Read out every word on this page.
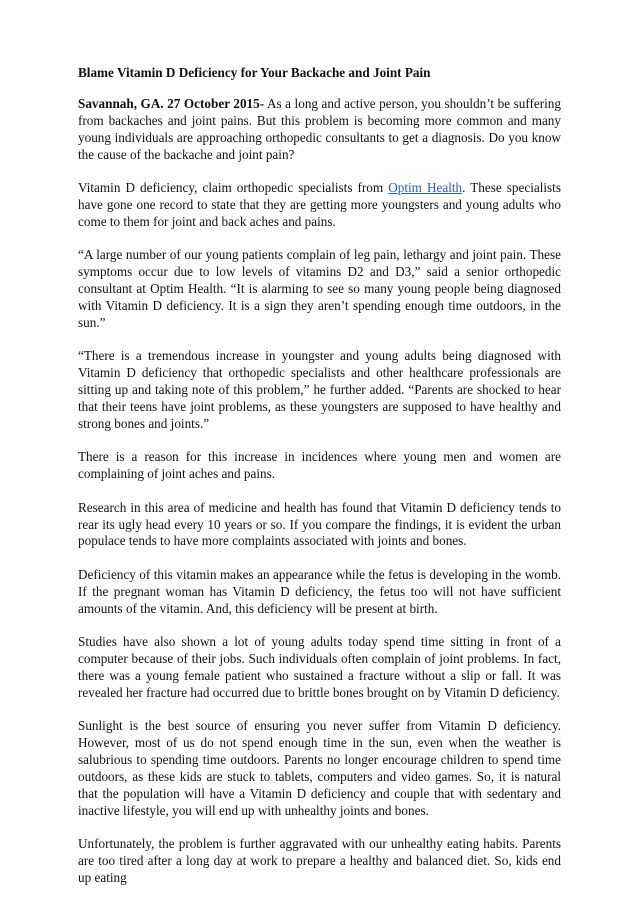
Blame Vitamin D Deficiency for Your Backache and Joint Pain

Savannah, GA. 27 October 2015- As a long and active person, you shouldn’t be suffering from backaches and joint pains. But this problem is becoming more common and many young individuals are approaching orthopedic consultants to get a diagnosis. Do you know the cause of the backache and joint pain?

Vitamin D deficiency, claim orthopedic specialists from Optim Health. These specialists have gone one record to state that they are getting more youngsters and young adults who come to them for joint and back aches and pains.

“A large number of our young patients complain of leg pain, lethargy and joint pain. These symptoms occur due to low levels of vitamins D2 and D3,” said a senior orthopedic consultant at Optim Health. “It is alarming to see so many young people being diagnosed with Vitamin D deficiency. It is a sign they aren’t spending enough time outdoors, in the sun.”

“There is a tremendous increase in youngster and young adults being diagnosed with Vitamin D deficiency that orthopedic specialists and other healthcare professionals are sitting up and taking note of this problem,” he further added. “Parents are shocked to hear that their teens have joint problems, as these youngsters are supposed to have healthy and strong bones and joints.”

There is a reason for this increase in incidences where young men and women are complaining of joint aches and pains.

Research in this area of medicine and health has found that Vitamin D deficiency tends to rear its ugly head every 10 years or so. If you compare the findings, it is evident the urban populace tends to have more complaints associated with joints and bones.

Deficiency of this vitamin makes an appearance while the fetus is developing in the womb. If the pregnant woman has Vitamin D deficiency, the fetus too will not have sufficient amounts of the vitamin. And, this deficiency will be present at birth.

Studies have also shown a lot of young adults today spend time sitting in front of a computer because of their jobs. Such individuals often complain of joint problems. In fact, there was a young female patient who sustained a fracture without a slip or fall. It was revealed her fracture had occurred due to brittle bones brought on by Vitamin D deficiency.

Sunlight is the best source of ensuring you never suffer from Vitamin D deficiency. However, most of us do not spend enough time in the sun, even when the weather is salubrious to spending time outdoors. Parents no longer encourage children to spend time outdoors, as these kids are stuck to tablets, computers and video games. So, it is natural that the population will have a Vitamin D deficiency and couple that with sedentary and inactive lifestyle, you will end up with unhealthy joints and bones.

Unfortunately, the problem is further aggravated with our unhealthy eating habits. Parents are too tired after a long day at work to prepare a healthy and balanced diet. So, kids end up eating
